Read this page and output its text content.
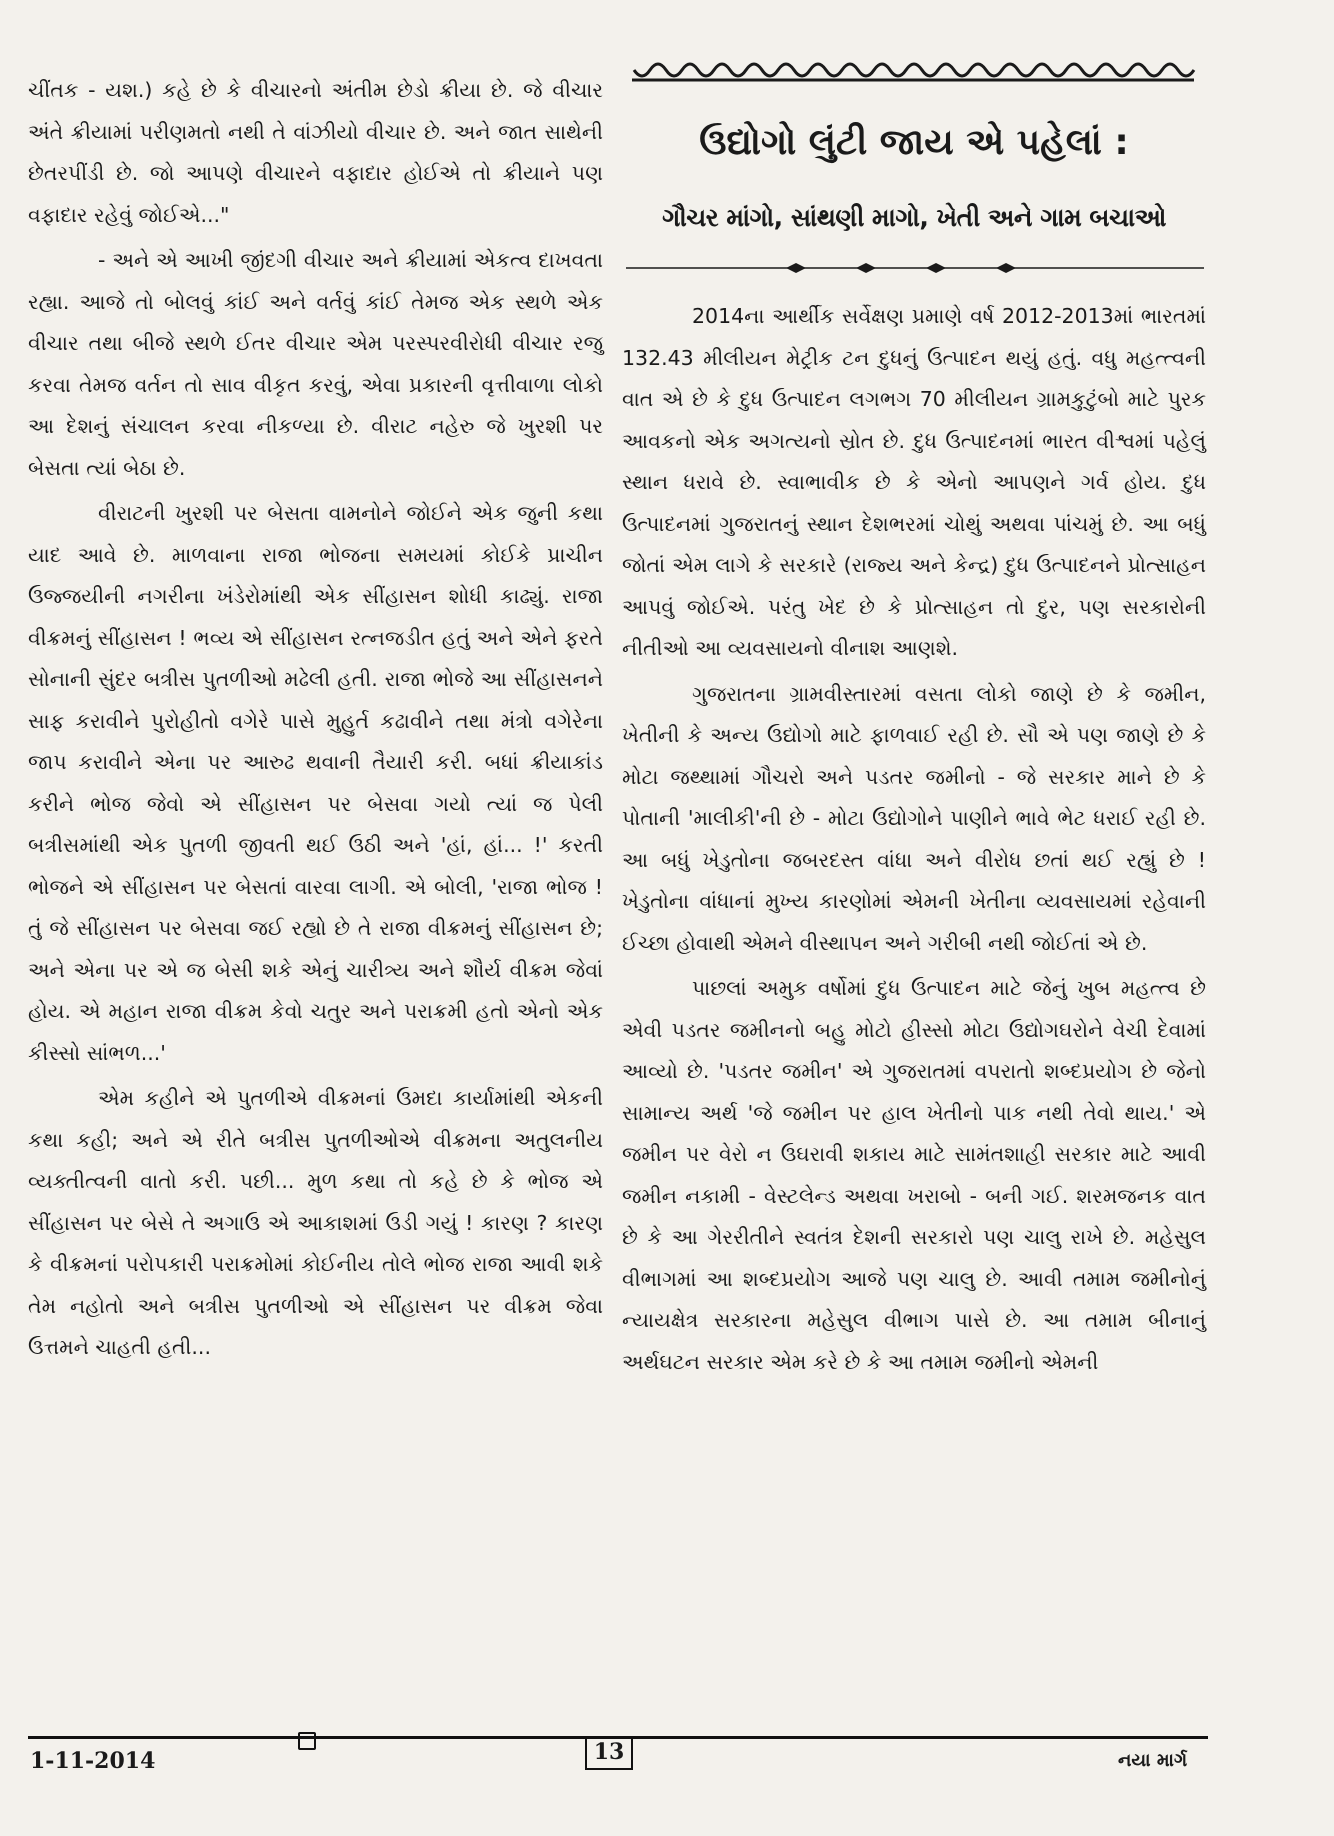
ચીંતક - યશ.) કહે છે કે વીચારનો અંતીમ છેડો ક્રીયા છે. જે વીચાર અંતે ક્રીયામાં પરીણમતો નથી તે વાંઝીયો વીચાર છે. અને જાત સાથેની છેતરપીંડી છે. જો આપણે વીચારને વફાદાર હોઈએ તો ક્રીયાને પણ વફાદાર રહેવું જોઈએ..."

- અને એ આખી જીંદગી વીચાર અને ક્રીયામાં એકત્વ દાખવતા રહ્યા. આજે તો બોલવું કાંઈ અને વર્તવું કાંઈ તેમજ એક સ્થળે એક વીચાર તથા બીજે સ્થળે ઈતર વીચાર એમ પરસ્પરવીરોધી વીચાર રજુ કરવા તેમજ વર્તન તો સાવ વીકૃત કરવું, એવા પ્રકારની વૃત્તીવાળા લોકો આ દેશનું સંચાલન કરવા નીકળ્યા છે. વીરાટ નહેરુ જે ખુરશી પર બેસતા ત્યાં બેઠા છે.

વીરાટની ખુરશી પર બેસતા વામનોને જોઈને એક જુની કથા યાદ આવે છે. માળવાના રાજા ભોજના સમયમાં કોઈકે પ્રાચીન ઉજ્જયીની નગરીના ખંડેરોમાંથી એક સીંહાસન શોધી કાઢ્યું. રાજા વીક્રમનું સીંહાસન ! ભવ્ય એ સીંહાસન રત્નજડીત હતું અને એને ફરતે સોનાની સુંદર બત્રીસ પુતળીઓ મઢેલી હતી. રાજા ભોજે આ સીંહાસનને સાફ કરાવીને પુરોહીતો વગેરે પાસે મુહુર્ત કઢાવીને તથા મંત્રો વગેરેના જાપ કરાવીને એના પર આરુઢ થવાની તૈયારી કરી. બધાં ક્રીયાકાંડ કરીને ભોજ જેવો એ સીંહાસન પર બેસવા ગયો ત્યાં જ પેલી બત્રીસમાંથી એક પુતળી જીવતી થઈ ઉઠી અને 'હાં, હાં... !' કરતી ભોજને એ સીંહાસન પર બેસતાં વારવા લાગી. એ બોલી, 'રાજા ભોજ ! તું જે સીંહાસન પર બેસવા જઈ રહ્યો છે તે રાજા વીક્રમનું સીંહાસન છે; અને એના પર એ જ બેસી શકે એનું ચારીત્ર્ય અને શૌર્ય વીક્રમ જેવાં હોય. એ મહાન રાજા વીક્રમ કેવો ચતુર અને પરાક્રમી હતો એનો એક કીસ્સો સાંભળ...'

એમ કહીને એ પુતળીએ વીક્રમનાં ઉમદા કાર્યામાંથી એકની કથા કહી; અને એ રીતે બત્રીસ પુતળીઓએ વીક્રમના અતુલનીય વ્યક્તીત્વની વાતો કરી. પછી... મુળ કથા તો કહે છે કે ભોજ એ સીંહાસન પર બેસે તે અગાઉ એ આકાશમાં ઉડી ગયું ! કારણ ? કારણ કે વીક્રમનાં પરોપકારી પરાક્રમોમાં કોઈનીય તોલે ભોજ રાજા આવી શકે તેમ નહોતો અને બત્રીસ પુતળીઓ એ સીંહાસન પર વીક્રમ જેવા ઉત્તમને ચાહતી હતી...

ઉદ્યોગો લુંટી જાય એ પહેલાં :
ગૌચર માંગો, સાંથણી માગો, ખેતી અને ગામ બચાઓ

2014ના આર્થીક સર્વેક્ષણ પ્રમાણે વર્ષ 2012-2013માં ભારતમાં 132.43 મીલીયન મેટ્રીક ટન દુધનું ઉત્પાદન થયું હતું. વધુ મહત્ત્વની વાત એ છે કે દુધ ઉત્પાદન લગભગ 70 મીલીયન ગ્રામકુટુંબો માટે પુરક આવકનો એક અગત્યનો સ્રોત છે. દુધ ઉત્પાદનમાં ભારત વીશ્વમાં પહેલું સ્થાન ધરાવે છે. સ્વાભાવીક છે કે એનો આપણને ગર્વ હોય. દુધ ઉત્પાદનમાં ગુજરાતનું સ્થાન દેશભરમાં ચોથું અથવા પાંચમું છે. આ બધું જોતાં એમ લાગે કે સરકારે (રાજ્ય અને કેન્દ્ર) દુધ ઉત્પાદનને પ્રોત્સાહન આપવું જોઈએ. પરંતુ ખેદ છે કે પ્રોત્સાહન તો દુર, પણ સરકારોની નીતીઓ આ વ્યવસાયનો વીનાશ આણશે.

ગુજરાતના ગ્રામવીસ્તારમાં વસતા લોકો જાણે છે કે જમીન, ખેતીની કે અન્ય ઉદ્યોગો માટે ફાળવાઈ રહી છે. સૌ એ પણ જાણે છે કે મોટા જથ્થામાં ગૌચરો અને પડતર જમીનો - જે સરકાર માને છે કે પોતાની 'માલીકી'ની છે - મોટા ઉદ્યોગોને પાણીને ભાવે ભેટ ધરાઈ રહી છે. આ બધું ખેડુતોના જબરદસ્ત વાંધા અને વીરોધ છતાં થઈ રહ્યું છે ! ખેડુતોના વાંધાનાં મુખ્ય કારણોમાં એમની ખેતીના વ્યવસાયમાં રહેવાની ઈચ્છા હોવાથી એમને વીસ્થાપન અને ગરીબી નથી જોઈતાં એ છે.

પાછલાં અમુક વર્ષોમાં દુધ ઉત્પાદન માટે જેનું ખુબ મહત્ત્વ છે એવી પડતર જમીનનો બહુ મોટો હીસ્સો મોટા ઉદ્યોગઘરોને વેચી દેવામાં આવ્યો છે. 'પડતર જમીન' એ ગુજરાતમાં વપરાતો શબ્દપ્રયોગ છે જેનો સામાન્ય અર્થ 'જે જમીન પર હાલ ખેતીનો પાક નથી તેવો થાય.' એ જમીન પર વેરો ન ઉઘરાવી શકાય માટે સામંતશાહી સરકાર માટે આવી જમીન નકામી - વેસ્ટલેન્ડ અથવા ખરાબો - બની ગઈ. શરમજનક વાત છે કે આ ગેરરીતીને સ્વતંત્ર દેશની સરકારો પણ ચાલુ રાખે છે. મહેસુલ વીભાગમાં આ શબ્દપ્રયોગ આજે પણ ચાલુ છે. આવી તમામ જમીનોનું ન્યાયક્ષેત્ર સરકારના મહેસુલ વીભાગ પાસે છે. આ તમામ બીનાનું અર્થઘટન સરકાર એમ કરે છે કે આ તમામ જમીનો એમની

1-11-2014	13	નયા માર્ગ
